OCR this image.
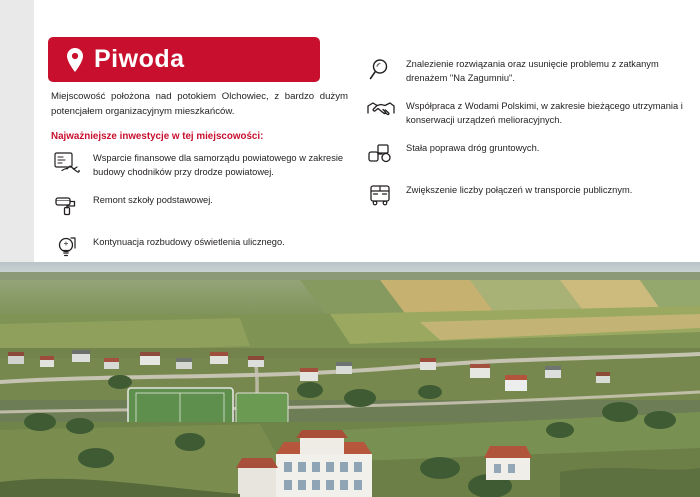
Piwoda
Miejscowość położona nad potokiem Olchowiec, z bardzo dużym potencjałem organizacyjnym mieszkańców.
Najważniejsze inwestycje w tej miejscowości:
Wsparcie finansowe dla samorządu powiatowego w zakresie budowy chodników przy drodze powiatowej.
Remont szkoły podstawowej.
Kontynuacja rozbudowy oświetlenia ulicznego.
Znalezienie rozwiązania oraz usunięcie problemu z zatkanym drenażem "Na Zagumniu".
Współpraca z Wodami Polskimi, w zakresie bieżącego utrzymania i konserwacji urządzeń melioracyjnych.
Stała poprawa dróg gruntowych.
Zwiększenie liczby połączeń w transporcie publicznym.
